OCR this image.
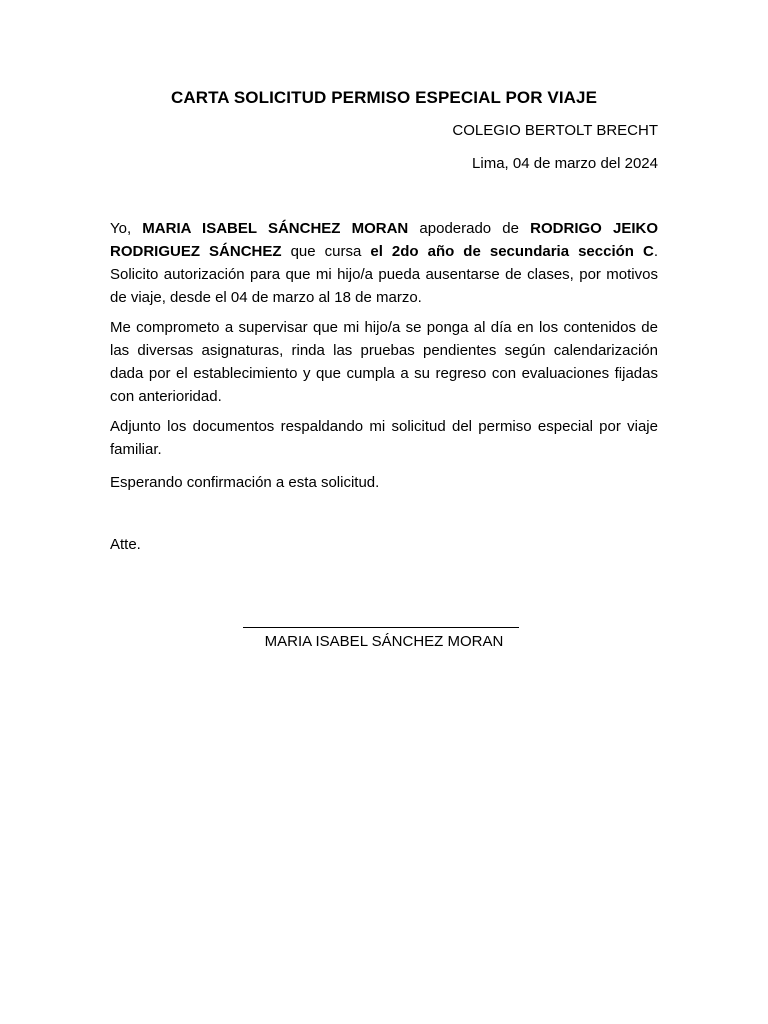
CARTA SOLICITUD PERMISO ESPECIAL POR VIAJE
COLEGIO BERTOLT BRECHT
Lima, 04 de marzo del 2024
Yo, MARIA ISABEL SÁNCHEZ MORAN apoderado de RODRIGO JEIKO RODRIGUEZ SÁNCHEZ que cursa el 2do año de secundaria sección C. Solicito autorización para que mi hijo/a pueda ausentarse de clases, por motivos de viaje, desde el 04 de marzo al 18 de marzo.
Me comprometo a supervisar que mi hijo/a se ponga al día en los contenidos de las diversas asignaturas, rinda las pruebas pendientes según calendarización dada por el establecimiento y que cumpla a su regreso con evaluaciones fijadas con anterioridad.
Adjunto los documentos respaldando mi solicitud del permiso especial por viaje familiar.
Esperando confirmación a esta solicitud.
Atte.
MARIA ISABEL SÁNCHEZ MORAN
